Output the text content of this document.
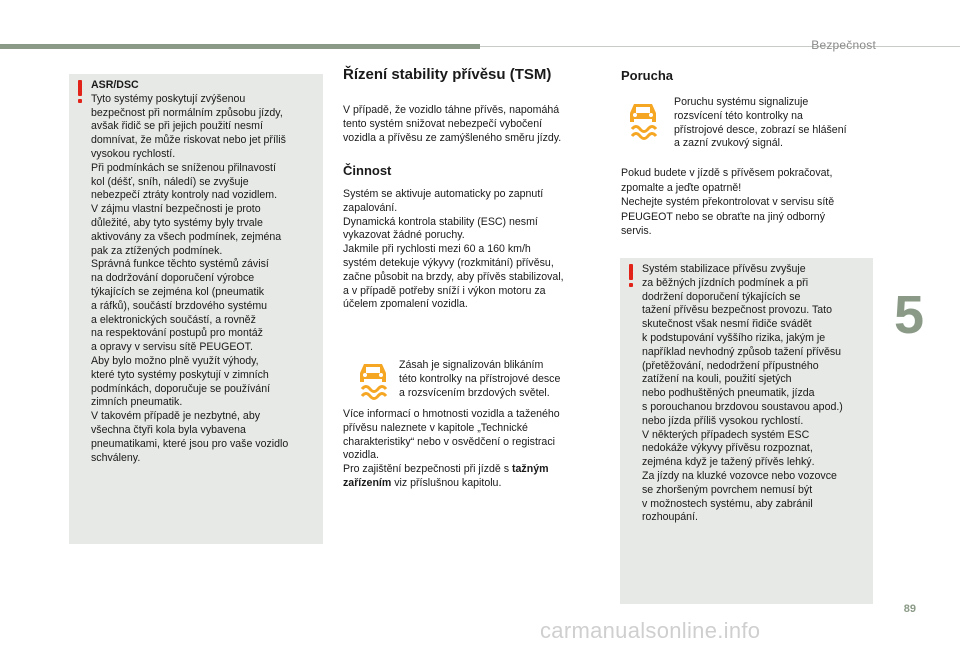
Bezpečnost
5
89
ASR/DSC
Tyto systémy poskytují zvýšenou
bezpečnost při normálním způsobu jízdy,
avšak řidič se při jejich použití nesmí
domnívat, že může riskovat nebo jet příliš
vysokou rychlostí.
Při podmínkách se sníženou přilnavostí
kol (déšť, sníh, náledí) se zvyšuje
nebezpečí ztráty kontroly nad vozidlem.
V zájmu vlastní bezpečnosti je proto
důležité, aby tyto systémy byly trvale
aktivovány za všech podmínek, zejména
pak za ztížených podmínek.
Správná funkce těchto systémů závisí
na dodržování doporučení výrobce
týkajících se zejména kol (pneumatik
a ráfků), součástí brzdového systému
a elektronických součástí, a rovněž
na respektování postupů pro montáž
a opravy v servisu sítě PEUGEOT.
Aby bylo možno plně využít výhody,
které tyto systémy poskytují v zimních
podmínkách, doporučuje se používání
zimních pneumatik.
V takovém případě je nezbytné, aby
všechna čtyři kola byla vybavena
pneumatikami, které jsou pro vaše vozidlo
schváleny.
Řízení stability přívěsu (TSM)
V případě, že vozidlo táhne přívěs, napomáhá
tento systém snižovat nebezpečí vybočení
vozidla a přívěsu ze zamýšleného směru jízdy.
Činnost
Systém se aktivuje automaticky po zapnutí
zapalování.
Dynamická kontrola stability (ESC) nesmí
vykazovat žádné poruchy.
Jakmile při rychlosti mezi 60 a 160 km/h
systém detekuje výkyvy (rozkmitání) přívěsu,
začne působit na brzdy, aby přívěs stabilizoval,
a v případě potřeby sníží i výkon motoru za
účelem zpomalení vozidla.
Zásah je signalizován blikáním
této kontrolky na přístrojové desce
a rozsvícením brzdových světel.
Více informací o hmotnosti vozidla a taženého
přívěsu naleznete v kapitole „Technické
charakteristiky“ nebo v osvědčení o registraci
vozidla.
Pro zajištění bezpečnosti při jízdě s tažným
zařízením viz příslušnou kapitolu.
Porucha
Poruchu systému signalizuje
rozsvícení této kontrolky na
přístrojové desce, zobrazí se hlášení
a zazní zvukový signál.
Pokud budete v jízdě s přívěsem pokračovat,
zpomalte a jeďte opatrně!
Nechejte systém překontrolovat v servisu sítě
PEUGEOT nebo se obraťte na jiný odborný
servis.
Systém stabilizace přívěsu zvyšuje
za běžných jízdních podmínek a při
dodržení doporučení týkajících se
tažení přívěsu bezpečnost provozu. Tato
skutečnost však nesmí řidiče svádět
k podstupování vyššího rizika, jakým je
například nevhodný způsob tažení přívěsu
(přetěžování, nedodržení přípustného
zatížení na kouli, použití sjetých
nebo podhuštěných pneumatik, jízda
s porouchanou brzdovou soustavou apod.)
nebo jízda příliš vysokou rychlostí.
V některých případech systém ESC
nedokáže výkyvy přívěsu rozpoznat,
zejména když je tažený přívěs lehký.
Za jízdy na kluzké vozovce nebo vozovce
se zhoršeným povrchem nemusí být
v možnostech systému, aby zabránil
rozhoupání.
carmanualsonline.info
